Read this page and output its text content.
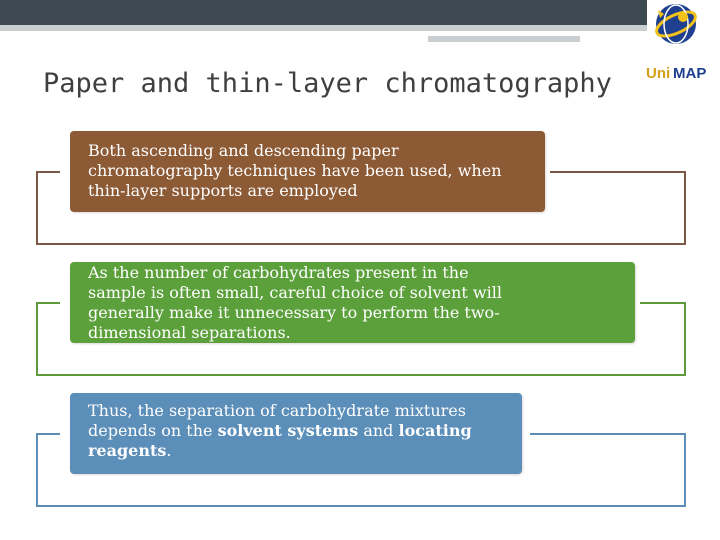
Uni MAP
Paper and thin-layer chromatography
Both ascending and descending paper chromatography techniques have been used, when thin-layer supports are employed
As the number of carbohydrates present in the sample is often small, careful choice of solvent will generally make it unnecessary to perform the two-dimensional separations.
Thus, the separation of carbohydrate mixtures depends on the solvent systems and locating reagents.
